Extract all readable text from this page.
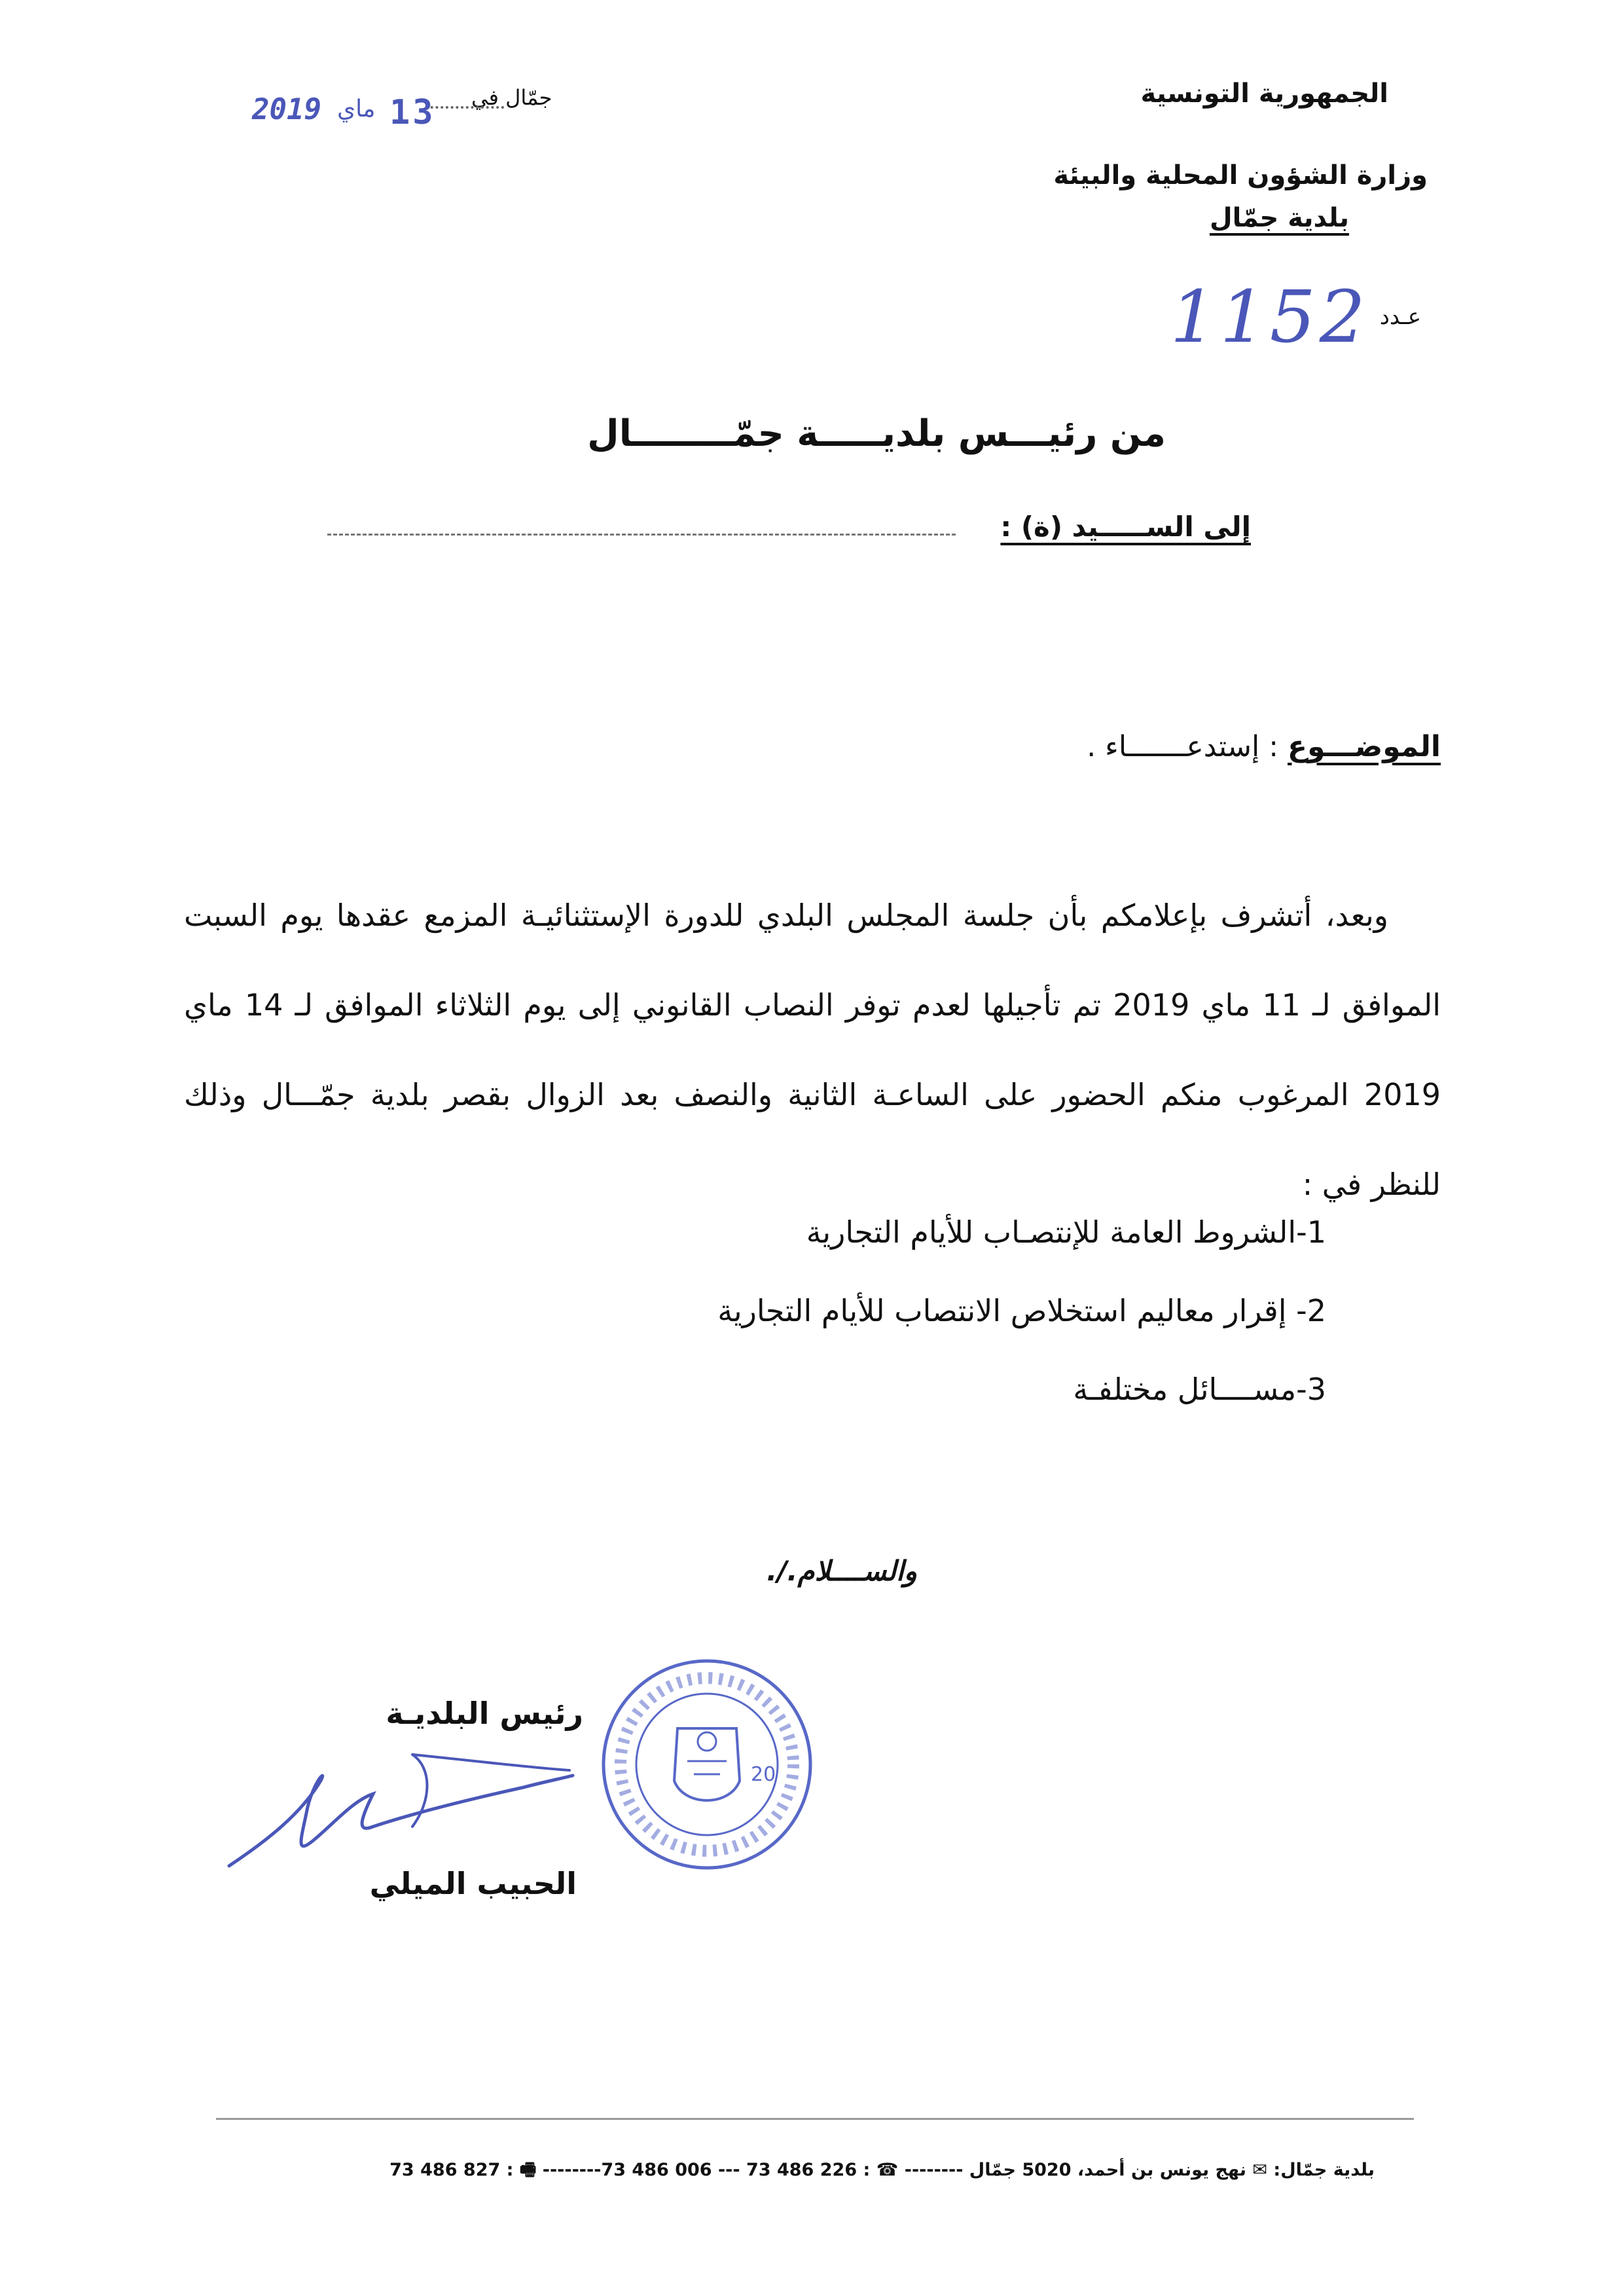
الجمهورية التونسية
وزارة الشؤون المحلية والبيئة
بلدية جمّال
عـدد
1152
جمّال في
2019 ماي 13
من رئيـــس بلديـــــة جمّــــــــال
إلى الســـــيد (ة) :
الموضـــوع : إستدعـــــــاء .
وبعد، أتشرف بإعلامكم بأن جلسة المجلس البلدي للدورة الإستثنائيـة المزمع عقدها يوم السبت الموافق لـ 11 ماي 2019 تم تأجيلها لعدم توفر النصاب القانوني إلى يوم الثلاثاء الموافق لـ 14 ماي 2019 المرغوب منكم الحضور على الساعـة الثانية والنصف بعد الزوال بقصر بلدية جمّـــال وذلك للنظر في :
1-الشروط العامة للإنتصـاب للأيام التجارية
2- إقرار معاليم استخلاص الانتصاب للأيام التجارية
3-مســــائل مختلفـة
والســــلام./.
رئيس البلديـة
الحبيب الميلي
20
بلدية جمّال: ✉ نهج يونس بن أحمد، 5020 جمّال -------- ☎ : 226 486 73 --- 006 486 73-------- 🖷 : 827 486 73
